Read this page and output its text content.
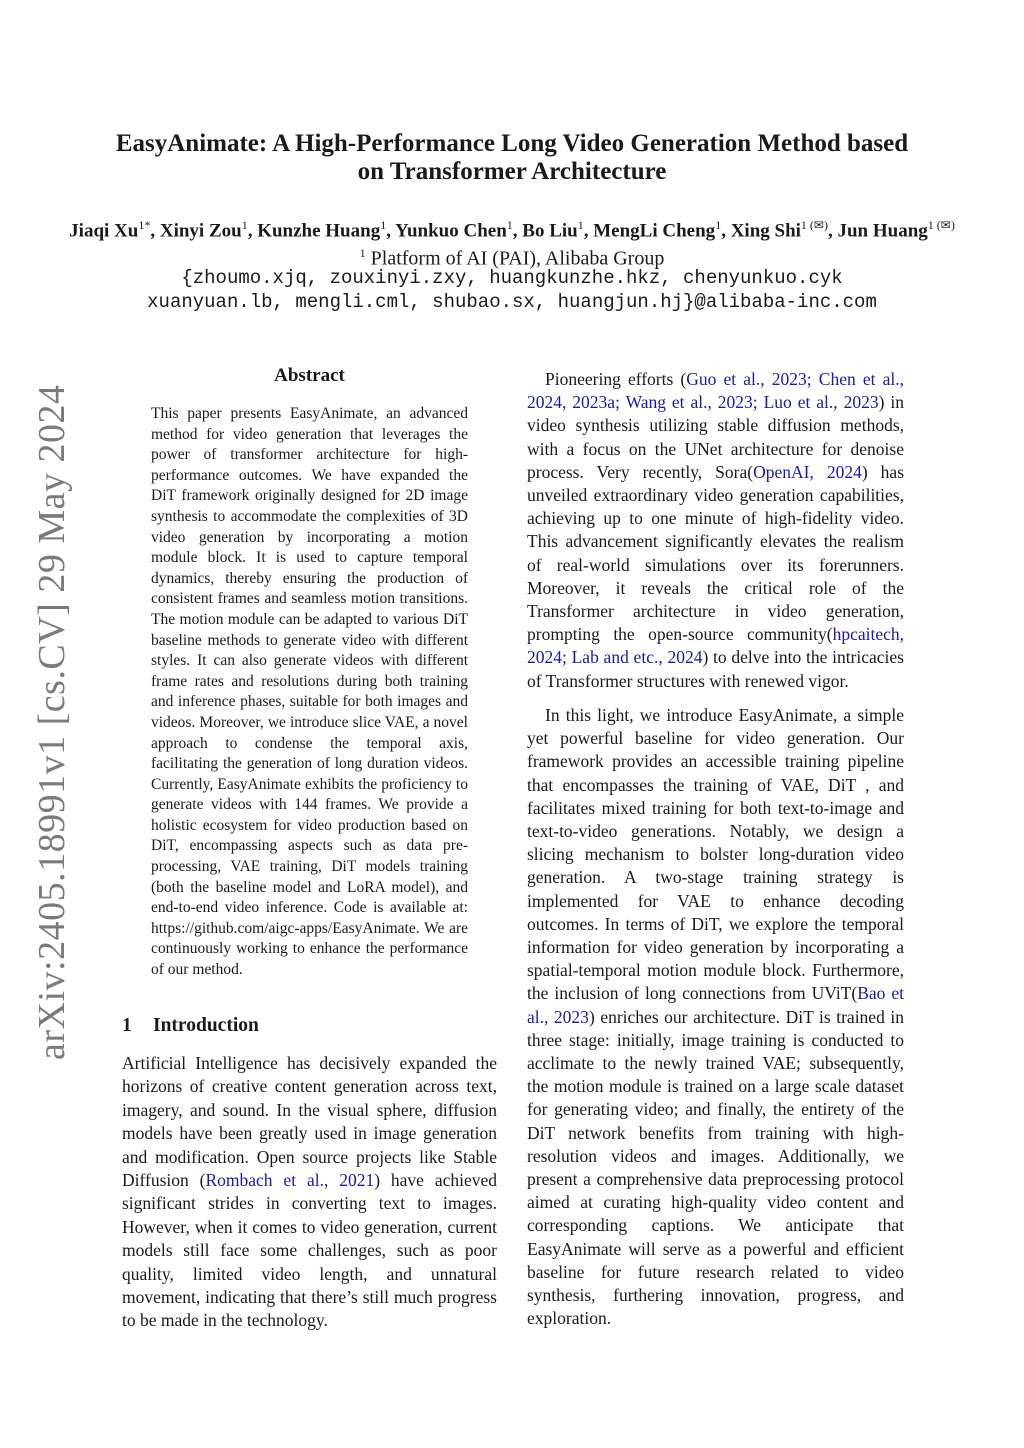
arXiv:2405.18991v1 [cs.CV] 29 May 2024
EasyAnimate: A High-Performance Long Video Generation Method based
on Transformer Architecture
Jiaqi $Xu^{1*}$, Xinyi Zou$^1$, Kunzhe Huang$^1$, Yunkuo Chen$^1$, Bo Liu$^1$, MengLi Cheng$^1$, Xing Shi$^{1 (✉)}$, Jun Huang$^{1 (✉)}$
$^1$ Platform of AI (PAI), Alibaba Group
{zhoumo.xjq, zouxinyi.zxy, huangkunzhe.hkz, chenyunkuo.cyk
xuanyuan.lb, mengli.cml, shubao.sx, huangjun.hj}@alibaba-inc.com
Abstract
This paper presents EasyAnimate, an advanced method for video generation that leverages the power of transformer architecture for high-performance outcomes. We have expanded the DiT framework originally designed for 2D image synthesis to accommodate the complexities of 3D video generation by incorporating a motion module block. It is used to capture temporal dynamics, thereby ensuring the production of consistent frames and seamless motion transitions. The motion module can be adapted to various DiT baseline methods to generate video with different styles. It can also generate videos with different frame rates and resolutions during both training and inference phases, suitable for both images and videos. Moreover, we introduce slice VAE, a novel approach to condense the temporal axis, facilitating the generation of long duration videos. Currently, EasyAnimate exhibits the proficiency to generate videos with 144 frames. We provide a holistic ecosystem for video production based on DiT, encompassing aspects such as data pre-processing, VAE training, DiT models training (both the baseline model and LoRA model), and end-to-end video inference. Code is available at: https://github.com/aigc-apps/EasyAnimate. We are continuously working to enhance the performance of our method.
1 Introduction
Artificial Intelligence has decisively expanded the horizons of creative content generation across text, imagery, and sound. In the visual sphere, diffusion models have been greatly used in image generation and modification. Open source projects like Stable Diffusion (Rombach et al., 2021) have achieved significant strides in converting text to images. However, when it comes to video generation, current models still face some challenges, such as poor quality, limited video length, and unnatural movement, indicating that there’s still much progress to be made in the technology.
Pioneering efforts (Guo et al., 2023; Chen et al., 2024, 2023a; Wang et al., 2023; Luo et al., 2023) in video synthesis utilizing stable diffusion methods, with a focus on the UNet architecture for denoise process. Very recently, Sora(OpenAI, 2024) has unveiled extraordinary video generation capabilities, achieving up to one minute of high-fidelity video. This advancement significantly elevates the realism of real-world simulations over its forerunners. Moreover, it reveals the critical role of the Transformer architecture in video generation, prompting the open-source community(hpcaitech, 2024; Lab and etc., 2024) to delve into the intricacies of Transformer structures with renewed vigor.
In this light, we introduce EasyAnimate, a simple yet powerful baseline for video generation. Our framework provides an accessible training pipeline that encompasses the training of VAE, DiT , and facilitates mixed training for both text-to-image and text-to-video generations. Notably, we design a slicing mechanism to bolster long-duration video generation. A two-stage training strategy is implemented for VAE to enhance decoding outcomes. In terms of DiT, we explore the temporal information for video generation by incorporating a spatial-temporal motion module block. Furthermore, the inclusion of long connections from UViT(Bao et al., 2023) enriches our architecture. DiT is trained in three stage: initially, image training is conducted to acclimate to the newly trained VAE; subsequently, the motion module is trained on a large scale dataset for generating video; and finally, the entirety of the DiT network benefits from training with high-resolution videos and images. Additionally, we present a comprehensive data preprocessing protocol aimed at curating high-quality video content and corresponding captions. We anticipate that EasyAnimate will serve as a powerful and efficient baseline for future research related to video synthesis, furthering innovation, progress, and exploration.
